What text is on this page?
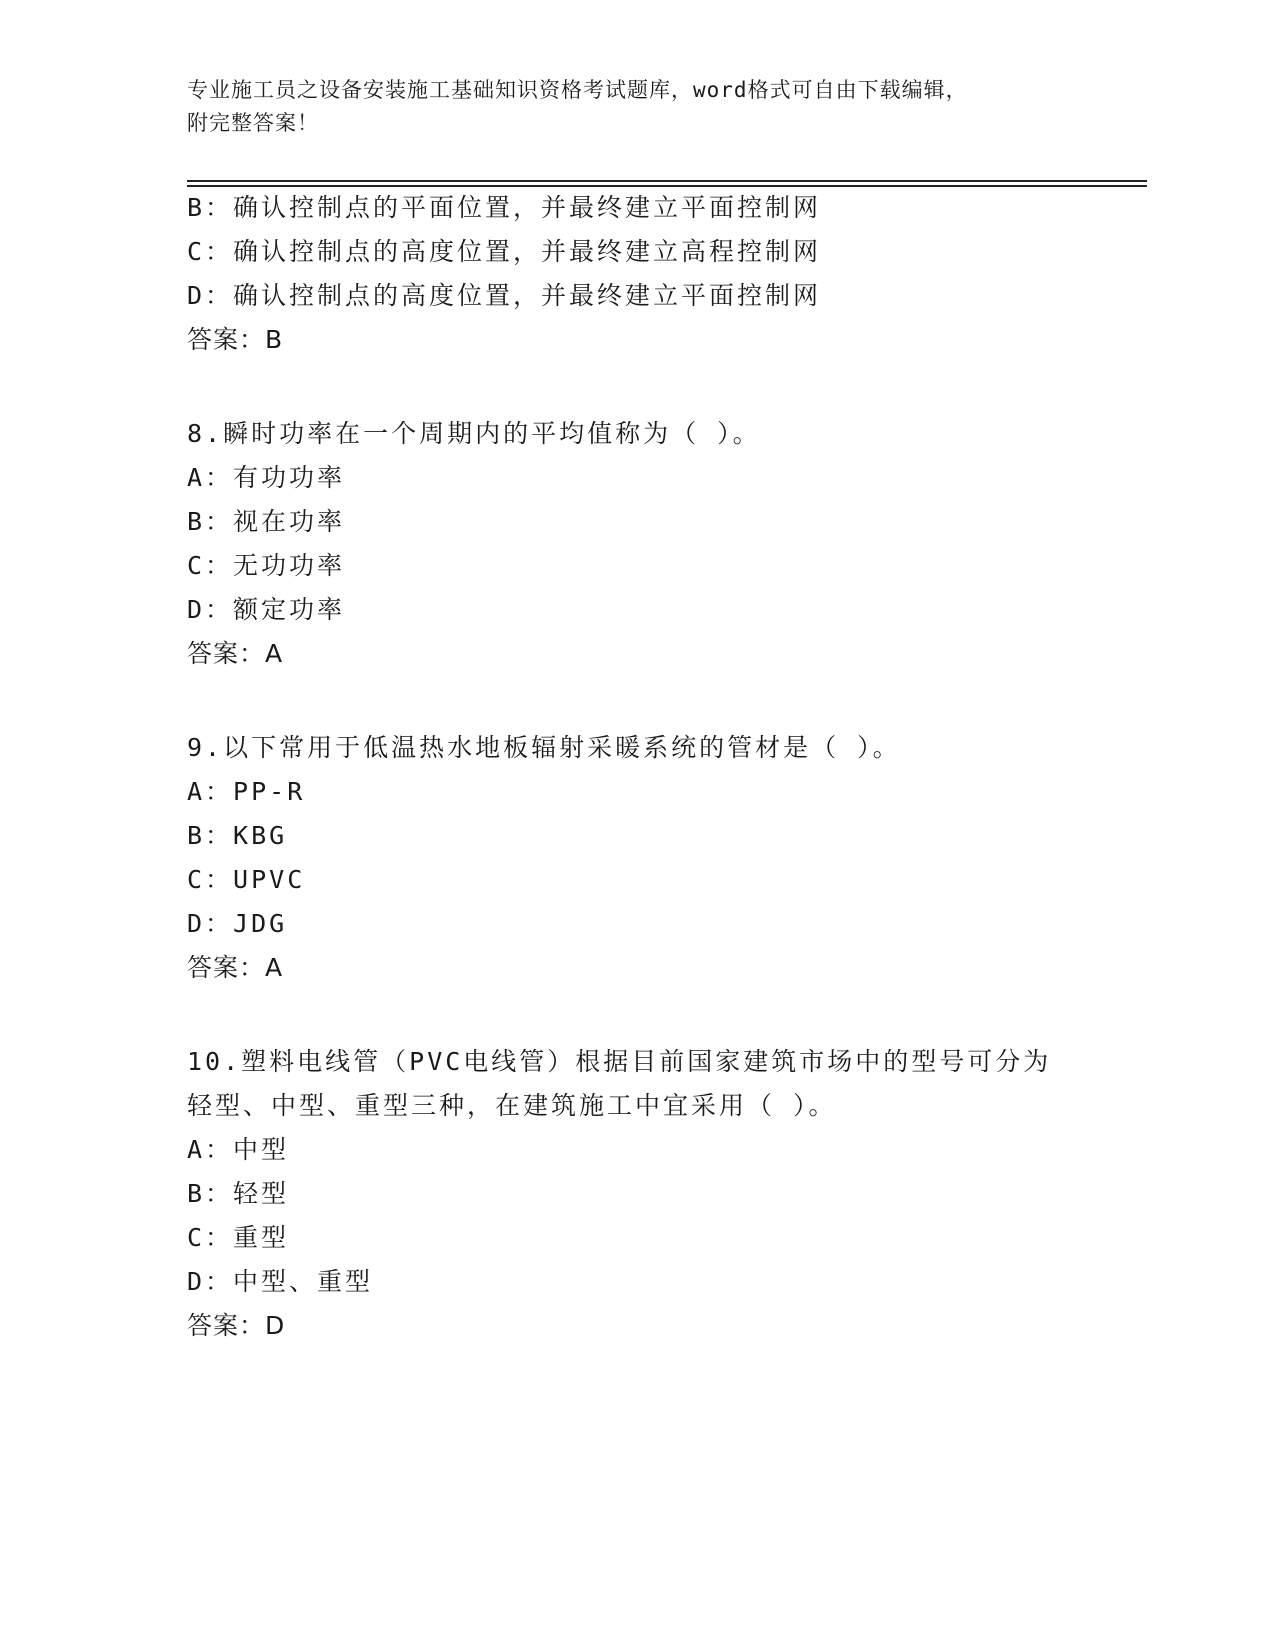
专业施工员之设备安装施工基础知识资格考试题库，word格式可自由下载编辑，
附完整答案！
B：确认控制点的平面位置，并最终建立平面控制网
C：确认控制点的高度位置，并最终建立高程控制网
D：确认控制点的高度位置，并最终建立平面控制网
答案：B
8.瞬时功率在一个周期内的平均值称为（ ）。
A：有功功率
B：视在功率
C：无功功率
D：额定功率
答案：A
9.以下常用于低温热水地板辐射采暖系统的管材是（ ）。
A：PP-R
B：KBG
C：UPVC
D：JDG
答案：A
10.塑料电线管（PVC电线管）根据目前国家建筑市场中的型号可分为
轻型、中型、重型三种，在建筑施工中宜采用（ ）。
A：中型
B：轻型
C：重型
D：中型、重型
答案：D
